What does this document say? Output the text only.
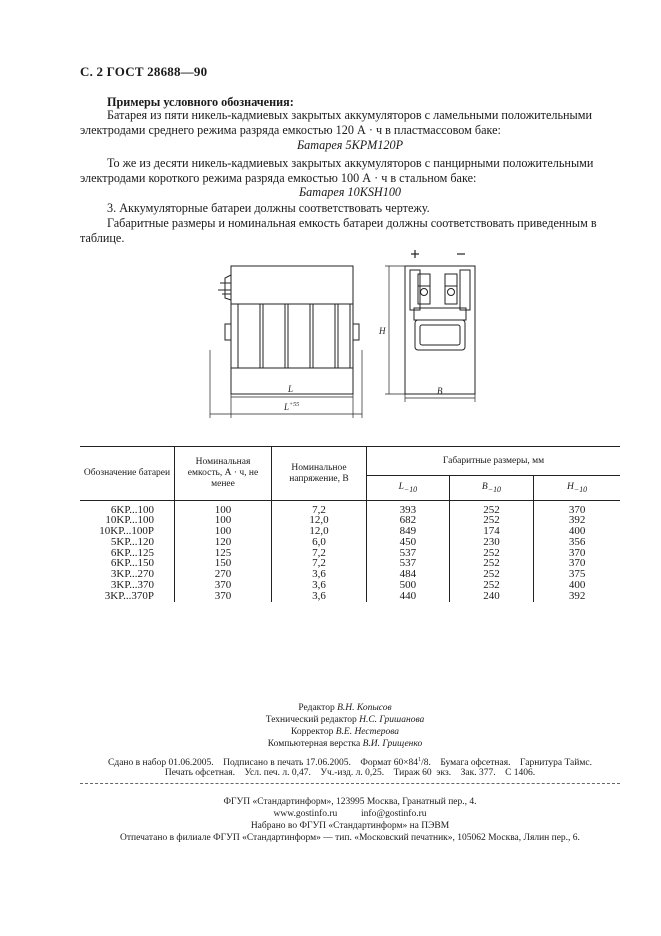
С. 2 ГОСТ 28688—90
Примеры условного обозначения:
Батарея из пяти никель-кадмиевых закрытых аккумуляторов с ламельными положительными электродами среднего режима разряда емкостью 120 А · ч в пластмассовом баке:
Батарея 5KPM120P
То же из десяти никель-кадмиевых закрытых аккумуляторов с панцирными положительными электродами короткого режима разряда емкостью 100 А · ч в стальном баке:
Батарея 10KSH100
3. Аккумуляторные батареи должны соответствовать чертежу.
Габаритные размеры и номинальная емкость батареи должны соответствовать приведенным в таблице.
L
$L^{+55}$
H
B
Обозначение батареи	Номинальная емкость, А · ч, не менее	Номинальное напряжение, В	Габаритные размеры, мм		
			$L_{-10}$	$B_{-10}$	$H_{-10}$

6KP...100	100	7,2	393	252	370
10KP...100	100	12,0	682	252	392
10KP...100P	100	12,0	849	174	400
5KP...120	120	6,0	450	230	356
6KP...125	125	7,2	537	252	370
6KP...150	150	7,2	537	252	370
3KP...270	270	3,6	484	252	375
3KP...370	370	3,6	500	252	400
3KP...370P	370	3,6	440	240	392
Редактор В.Н. Копысов
Технический редактор Н.С. Гришанова
Корректор В.Е. Нестерова
Компьютерная верстка В.И. Грищенко
Сдано в набор 01.06.2005.    Подписано в печать 17.06.2005.    Формат $60\times 84^1/8$.    Бумага офсетная.    Гарнитура Таймс.
Печать офсетная.    Усл. печ. л. 0,47.    Уч.-изд. л. 0,25.    Тираж 60  экз.    Зак. 377.    С 1406.
ФГУП «Стандартинформ», 123995 Москва, Гранатный пер., 4.
www.gostinfo.ru          info@gostinfo.ru
Набрано во ФГУП «Стандартинформ» на ПЭВМ
Отпечатано в филиале ФГУП «Стандартинформ» — тип. «Московский печатник», 105062 Москва, Лялин пер., 6.
